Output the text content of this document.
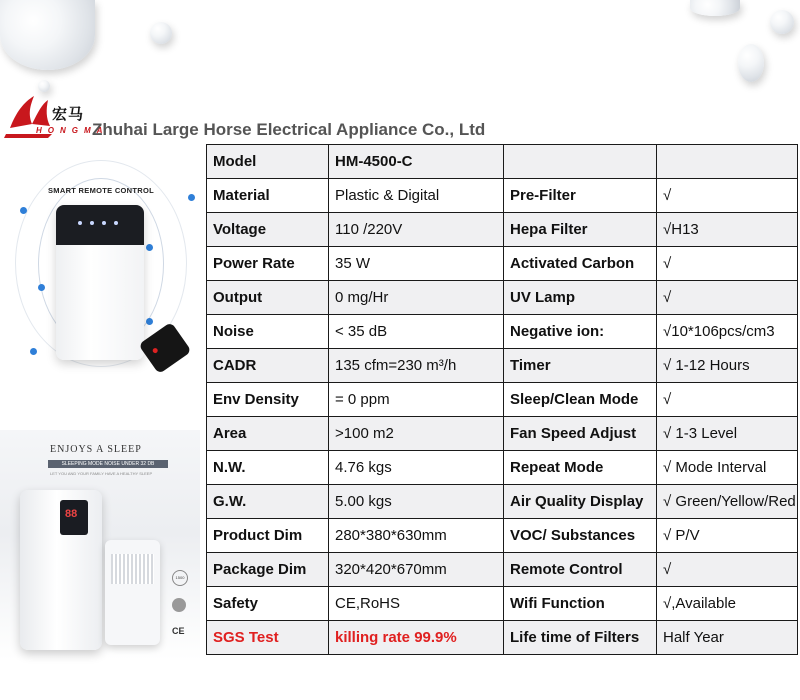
宏马
HONGMA
Zhuhai Large Horse Electrical Appliance Co., Ltd
SMART REMOTE CONTROL
ENJOYS A SLEEP
SLEEPING MODE NOISE UNDER 32 DB
LET YOU AND YOUR FAMILY HAVE A HEALTHY SLEEP
88
1500
CE
Model	HM-4500-C		
Material	Plastic & Digital	Pre-Filter	√
Voltage	110 /220V	Hepa Filter	√H13
Power Rate	35 W	Activated Carbon	√
Output	0 mg/Hr	UV Lamp	√
Noise	< 35 dB	Negative ion:	√10*106pcs/cm3
CADR	135 cfm=230 m³/h	Timer	√ 1-12 Hours
Env Density	= 0 ppm	Sleep/Clean Mode	√
Area	>100 m2	Fan Speed Adjust	√ 1-3 Level
N.W.	4.76 kgs	Repeat Mode	√ Mode Interval
G.W.	5.00 kgs	Air Quality Display	√ Green/Yellow/Red
Product Dim	280*380*630mm	VOC/ Substances	√ P/V
Package Dim	320*420*670mm	Remote Control	√
Safety	CE,RoHS	Wifi Function	√,Available
SGS Test	killing rate 99.9%	Life time of Filters	Half Year
